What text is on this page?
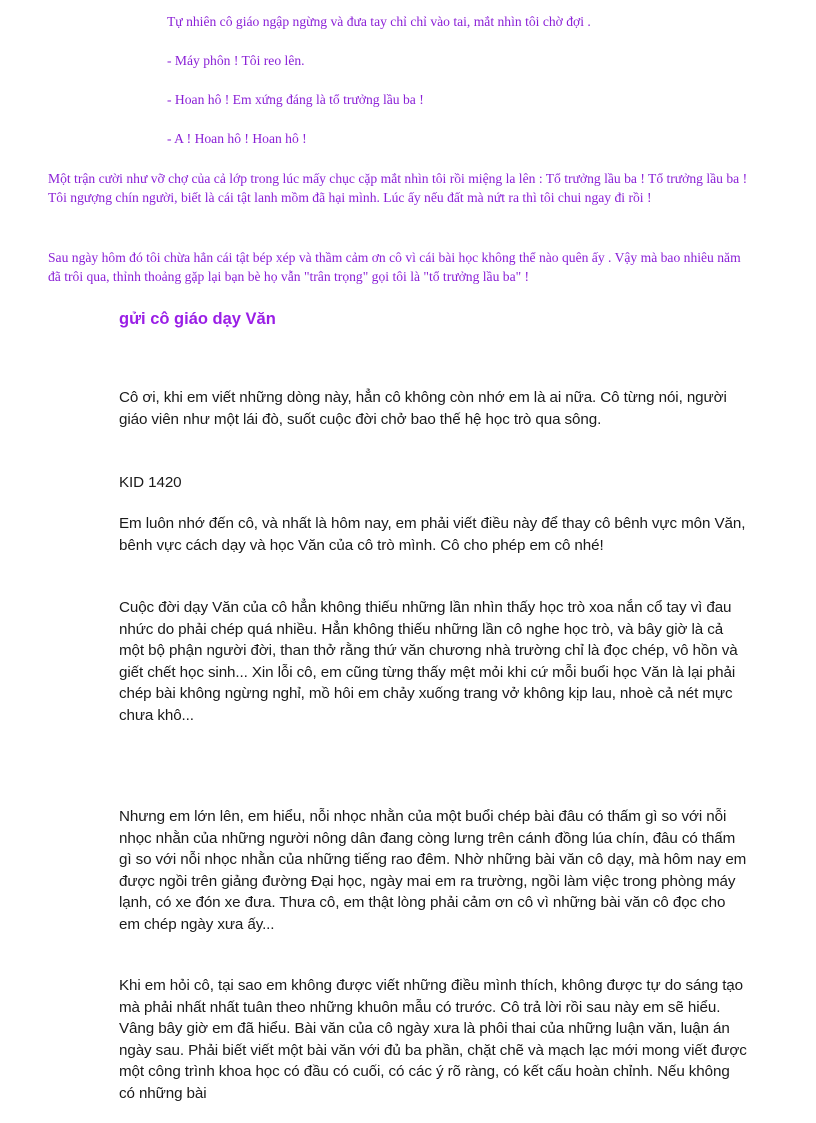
Tự nhiên cô giáo ngập ngừng và đưa tay chỉ chỉ vào tai, mắt nhìn tôi chờ đợi .

- Máy phôn ! Tôi reo lên.

- Hoan hô ! Em xứng đáng là tổ trưởng lầu ba !

- A ! Hoan hô ! Hoan hô !

Một trận cười như vỡ chợ của cả lớp trong lúc mấy chục cặp mắt nhìn tôi rồi miệng la lên : Tổ trưởng lầu ba ! Tổ trưởng lầu ba ! Tôi ngượng chín người, biết là cái tật lanh mồm đã hại mình. Lúc ấy nếu đất mà nứt ra thì tôi chui ngay đi rồi !

Sau ngày hôm đó tôi chừa hẳn cái tật bép xép và thầm cảm ơn cô vì cái bài học không thể nào quên ấy . Vậy mà bao nhiêu năm đã trôi qua, thỉnh thoảng gặp lại bạn bè họ vẫn "trân trọng" gọi tôi là "tổ trưởng lầu ba" !

gửi cô giáo dạy Văn

Cô ơi, khi em viết những dòng này, hẳn cô không còn nhớ em là ai nữa. Cô từng nói, người giáo viên như một lái đò, suốt cuộc đời chở bao thế hệ học trò qua sông.

KID 1420

Em luôn nhớ đến cô, và nhất là hôm nay, em phải viết điều này để thay cô bênh vực môn Văn, bênh vực cách dạy và học Văn của cô trò mình. Cô cho phép em cô nhé!

Cuộc đời dạy Văn của cô hẳn không thiếu những lần nhìn thấy học trò xoa nắn cổ tay vì đau nhức do phải chép quá nhiều. Hẳn không thiếu những lần cô nghe học trò, và bây giờ là cả một bộ phận người đời, than thở rằng thứ văn chương nhà trường chỉ là đọc chép, vô hồn và giết chết học sinh... Xin lỗi cô, em cũng từng thấy mệt mỏi khi cứ mỗi buổi học Văn là lại phải chép bài không ngừng nghỉ, mồ hôi em chảy xuống trang vở không kịp lau, nhoè cả nét mực chưa khô...

Nhưng em lớn lên, em hiểu, nỗi nhọc nhằn của một buổi chép bài đâu có thấm gì so với nỗi nhọc nhằn của những người nông dân đang còng lưng trên cánh đồng lúa chín, đâu có thấm gì so với nỗi nhọc nhằn của những tiếng rao đêm. Nhờ những bài văn cô dạy, mà hôm nay em được ngồi trên giảng đường Đại học, ngày mai em ra trường, ngồi làm việc trong phòng máy lạnh, có xe đón xe đưa. Thưa cô, em thật lòng phải cảm ơn cô vì những bài văn cô đọc cho em chép ngày xưa ấy...

Khi em hỏi cô, tại sao em không được viết những điều mình thích, không được tự do sáng tạo mà phải nhất nhất tuân theo những khuôn mẫu có trước. Cô trả lời rồi sau này em sẽ hiểu. Vâng bây giờ em đã hiểu. Bài văn của cô ngày xưa là phôi thai của những luận văn, luận án ngày sau. Phải biết viết một bài văn với đủ ba phần, chặt chẽ và mạch lạc mới mong viết được một công trình khoa học có đầu có cuối, có các ý rõ ràng, có kết cấu hoàn chỉnh. Nếu không có những bài
